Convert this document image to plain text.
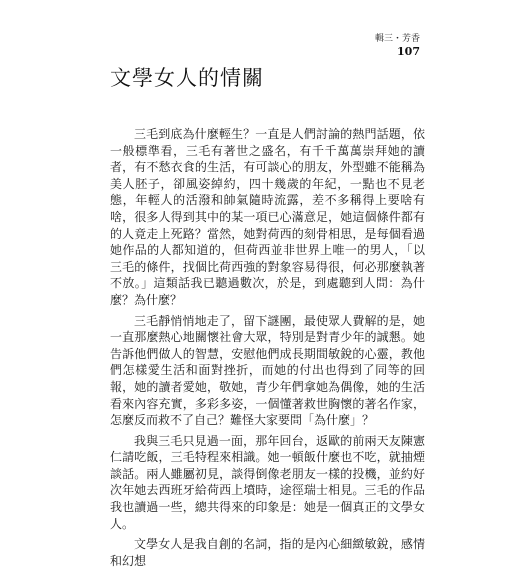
輯三・芳香
107
文學女人的情關

三毛到底為什麼輕生？一直是人們討論的熱門話題，依一般標準看，三毛有著世之盛名，有千千萬萬崇拜她的讀者，有不愁衣食的生活，有可談心的朋友，外型雖不能稱為美人胚子，卻風姿綽約，四十幾歲的年紀，一點也不見老態，年輕人的活潑和帥氣隨時流露，差不多稱得上要啥有啥，很多人得到其中的某一項已心滿意足，她這個條件都有的人竟走上死路？當然，她對荷西的刻骨相思，是每個看過她作品的人都知道的，但荷西並非世界上唯一的男人，「以三毛的條件，找個比荷西強的對象容易得很，何必那麼執著不放。」這類話我已聽過數次，於是，到處聽到人問：為什麼？為什麼？

三毛靜悄悄地走了，留下謎團，最使眾人費解的是，她一直那麼熱心地關懷社會大眾，特別是對青少年的誠懇。她告訴他們做人的智慧，安慰他們成長期間敏銳的心靈，教他們怎樣愛生活和面對挫折，而她的付出也得到了同等的回報，她的讀者愛她，敬她，青少年們拿她為偶像，她的生活看來內容充實，多彩多姿，一個懂著救世胸懷的著名作家，怎麼反而救不了自己？難怪大家要問「為什麼」？

我與三毛只見過一面，那年回台，返歐的前兩天友陳憲仁請吃飯，三毛特程來相識。她一頓飯什麼也不吃，就抽煙談話。兩人雖屬初見，談得倒像老朋友一樣的投機，並約好次年她去西班牙給荷西上墳時，途徑瑞士相見。三毛的作品我也讀過一些，總共得來的印象是：她是一個真正的文學女人。

文學女人是我自創的名詞，指的是內心細緻敏銳，感情和幻想
